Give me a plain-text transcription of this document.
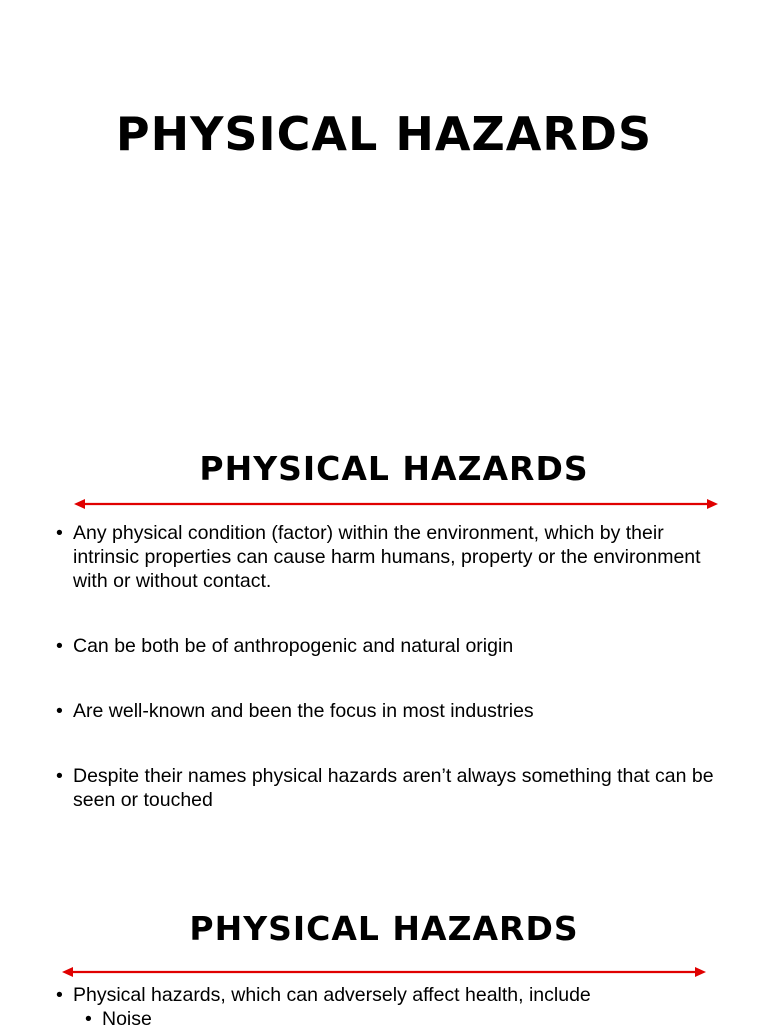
PHYSICAL HAZARDS
PHYSICAL HAZARDS
• Any physical condition (factor) within the environment, which by their intrinsic properties can cause harm humans, property or the environment with or without contact.
• Can be both be of anthropogenic and natural origin
• Are well-known and been the focus in most industries
• Despite their names physical hazards aren’t always something that can be seen or touched
PHYSICAL HAZARDS
• Physical hazards, which can adversely affect health, include
• Noise
